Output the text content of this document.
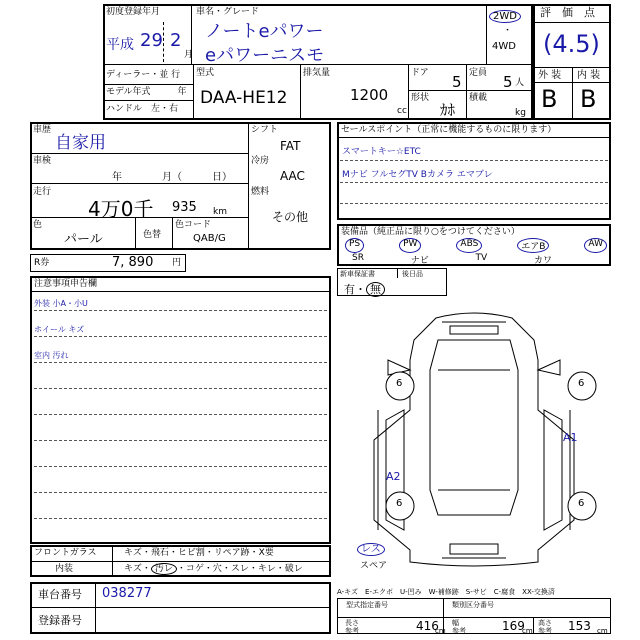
初度登録年月
平成 29 2
月
車名・グレード
ノートeパワー
eパワーニスモ
2WD
・
4WD
ディーラー・並 行
モデル年式　　　年
ハンドル　左・右
型式
DAA-HE12
排気量
1200
cc
ドア 5 定員 5 人
形状
ｶﾎ
積載
kg
評　価　点
(4.5)
外 装 内 装
B B
車歴
自家用
車検
年　　　　月（　　　日）
走行
4万0千 935 km
色
パール	色替
色コード
QAB/G
シフト
FAT
冷房
AAC
燃料
その他
R券	7, 890 円
セールスポイント（正常に機能するものに限ります）
スマートキー☆ETC
Mナビ フルセグTV Bカメラ エマブレ
装備品（純正品に限り○をつけてください）
PS	PW	ABS	エアB	AW
SR	ナビ	TV	カワ
新車保証書	後日品
有・ 無
注意事項申告欄
外装 小A・小U
ホイール キズ
室内 汚れ
6	6
6	6
A1
A2
レス
スペア
フロントガラス	キズ・飛石・ヒビ割・リペア跡・X要
内装	キズ・ 汚レ ・コゲ・穴・スレ・キレ・破レ
車台番号 038277
登録番号
A-キズ　E-エクボ　U-凹み　W-補修跡　S-サビ　C-腐食　XX-交換済
型式指定番号	類別区分番号
長さ
参考	416
cm
幅
参考	169
cm
高さ
参考 153 cm
